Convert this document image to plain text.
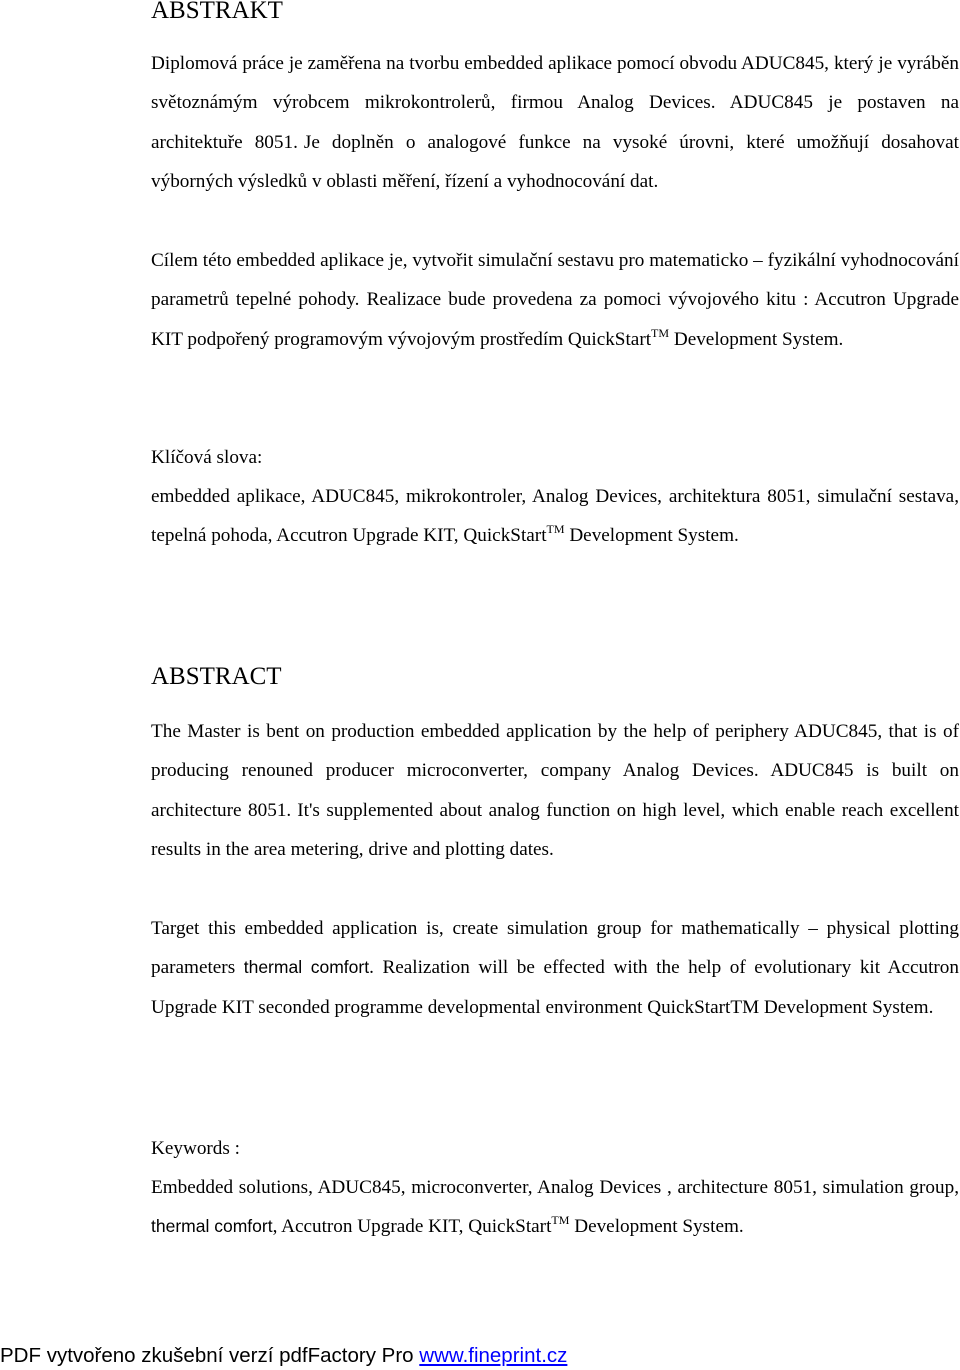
ABSTRAKT

Diplomová práce je zaměřena na tvorbu embedded aplikace pomocí obvodu ADUC845, který je vyráběn světoznámým výrobcem mikrokontrolerů, firmou Analog Devices. ADUC845 je postaven na architektuře 8051. Je doplněn o analogové funkce na vysoké úrovni, které umožňují dosahovat výborných výsledků v oblasti měření, řízení a vyhodnocování dat.

Cílem této embedded aplikace je, vytvořit simulační sestavu pro matematicko – fyzikální vyhodnocování parametrů tepelné pohody. Realizace bude provedena za pomoci vývojového kitu : Accutron Upgrade KIT podpořený programovým vývojovým prostředím QuickStart™ Development System.

Klíčová slova:

embedded aplikace, ADUC845, mikrokontroler, Analog Devices, architektura 8051, simulační sestava, tepelná pohoda, Accutron Upgrade KIT, QuickStart™ Development System.

ABSTRACT

The Master is bent on production embedded application by the help of periphery ADUC845, that is of producing renouned producer microconverter, company Analog Devices. ADUC845 is built on architecture 8051. It's supplemented about analog function on high level, which enable reach excellent results in the area metering, drive and plotting dates.

Target this embedded application is, create simulation group for mathematically – physical plotting parameters thermal comfort. Realization will be effected with the help of evolutionary kit Accutron Upgrade KIT seconded programme developmental environment QuickStartTM Development System.

Keywords :

Embedded solutions, ADUC845, microconverter, Analog Devices , architecture 8051, simulation group, thermal comfort, Accutron Upgrade KIT, QuickStart™ Development System.

PDF vytvořeno zkušební verzí pdfFactory Pro www.fineprint.cz
